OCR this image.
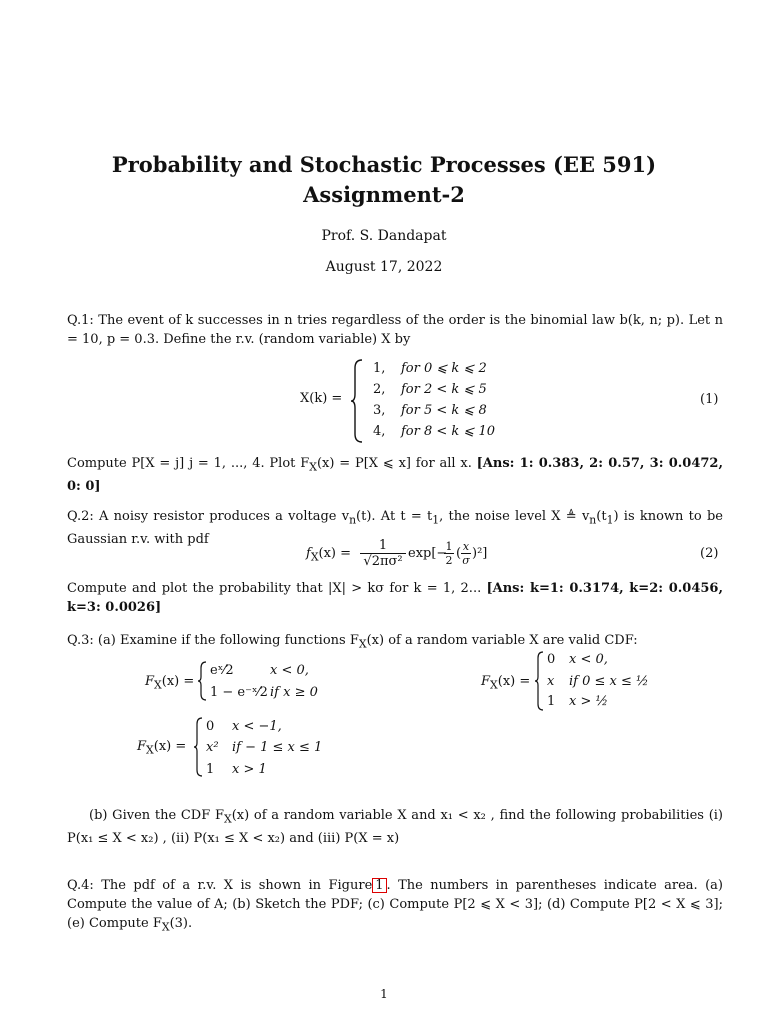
Probability and Stochastic Processes (EE 591)
Assignment-2
Prof. S. Dandapat
August 17, 2022
Q.1: The event of k successes in n tries regardless of the order is the binomial law b(k, n; p). Let n = 10, p = 0.3. Define the r.v. (random variable) X by
X(k) =
1, for 0 ⩽ k ⩽ 2
2, for 2 < k ⩽ 5
3, for 5 < k ⩽ 8
4, for 8 < k ⩽ 10
(1)
Compute P[X = j] j = 1, ..., 4. Plot $F_X(x) = P[X$ ⩽ x] for all x. [Ans: 1: 0.383, 2: 0.57, 3: 0.0472, 0: 0]
Q.2: A noisy resistor produces a voltage $v_n(t)$. At $t = t_1$, the noise level X ≜ $v_n(t_1)$ is known to be Gaussian r.v. with pdf
$f_X(x) = \frac{1}{\text{√2πσ²}} \exp[-$
$\frac{1}{2}$ ( $\frac{x}{\sigma} )^2$]	(2)
Compute and plot the probability that |X| > kσ for k = 1, 2... [Ans: k=1: 0.3174, k=2: 0.0456, k=3: 0.0026]
Q.3: (a) Examine if the following functions $F_X(x)$ of a random variable X are valid CDF:
$F_X(x)$ =
eˣ⁄2	x < 0,
1 − e⁻ˣ⁄2 if x ≥ 0
$F_X(x)$ =
0 x < 0,
x if 0 ≤ x ≤ ½
1 x > ½
$F_X(x)$ =
0 x < −1,
x² if − 1 ≤ x ≤ 1
1 x > 1
(b) Given the CDF $F_X(x)$ of a random variable X and x₁ < x₂ , find the following probabilities (i) P(x₁ ≤ X < x₂) , (ii) P(x₁ ≤ X < x₂) and (iii) P(X = x)
Q.4: The pdf of a r.v. X is shown in Figure 1 . The numbers in parentheses indicate area. (a) Compute the value of A; (b) Sketch the PDF; (c) Compute P[2 ⩽ X < 3]; (d) Compute P[2 < X ⩽ 3]; (e) Compute $F_X(3)$.
1
